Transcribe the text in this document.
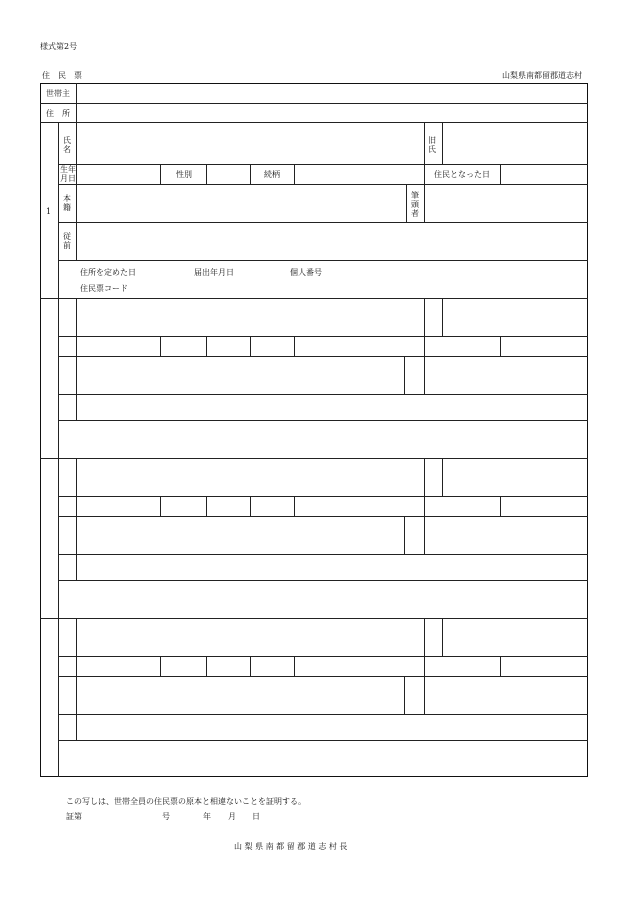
様式第2号
住　民　票	山梨県南都留郡道志村
世帯主
住　所
1
氏名
旧氏
生年月日	性別	続柄	住民となった日
本籍
筆頭者
従前
住所を定めた日	届出年月日	個人番号
住民票コード
この写しは、世帯全員の住民票の原本と相違ないことを証明する。
証第	号	年 月 日
山 梨 県 南 都 留 郡 道 志 村 長
